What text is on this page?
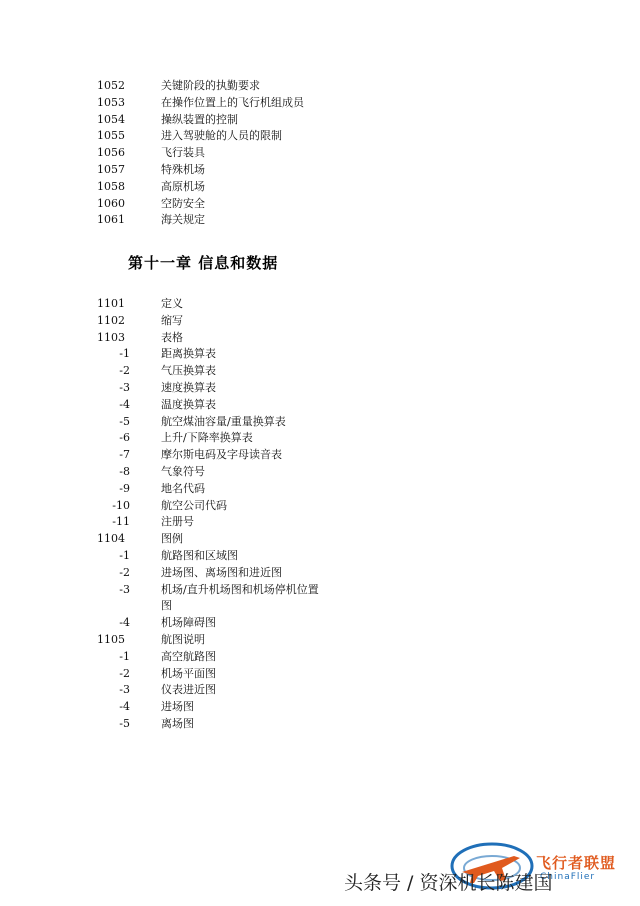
1052	关键阶段的执勤要求
1053	在操作位置上的飞行机组成员
1054	操纵装置的控制
1055	进入驾驶舱的人员的限制
1056	飞行装具
1057	特殊机场
1058	高原机场
1060	空防安全
1061	海关规定
第十一章 信息和数据
1101	定义
1102	缩写
1103	表格
-1	距离换算表
-2	气压换算表
-3	速度换算表
-4	温度换算表
-5	航空煤油容量/重量换算表
-6	上升/下降率换算表
-7	摩尔斯电码及字母读音表
-8	气象符号
-9	地名代码
-10	航空公司代码
-11	注册号
1104	图例
-1	航路图和区域图
-2	进场图、离场图和进近图
-3	机场/直升机场图和机场停机位置
图
-4	机场障碍图
1105	航图说明
-1	高空航路图
-2	机场平面图
-3	仪表进近图
-4	进场图
-5	离场图
飞行者联盟
ChinaFlier
头条号 / 资深机长陈建国
